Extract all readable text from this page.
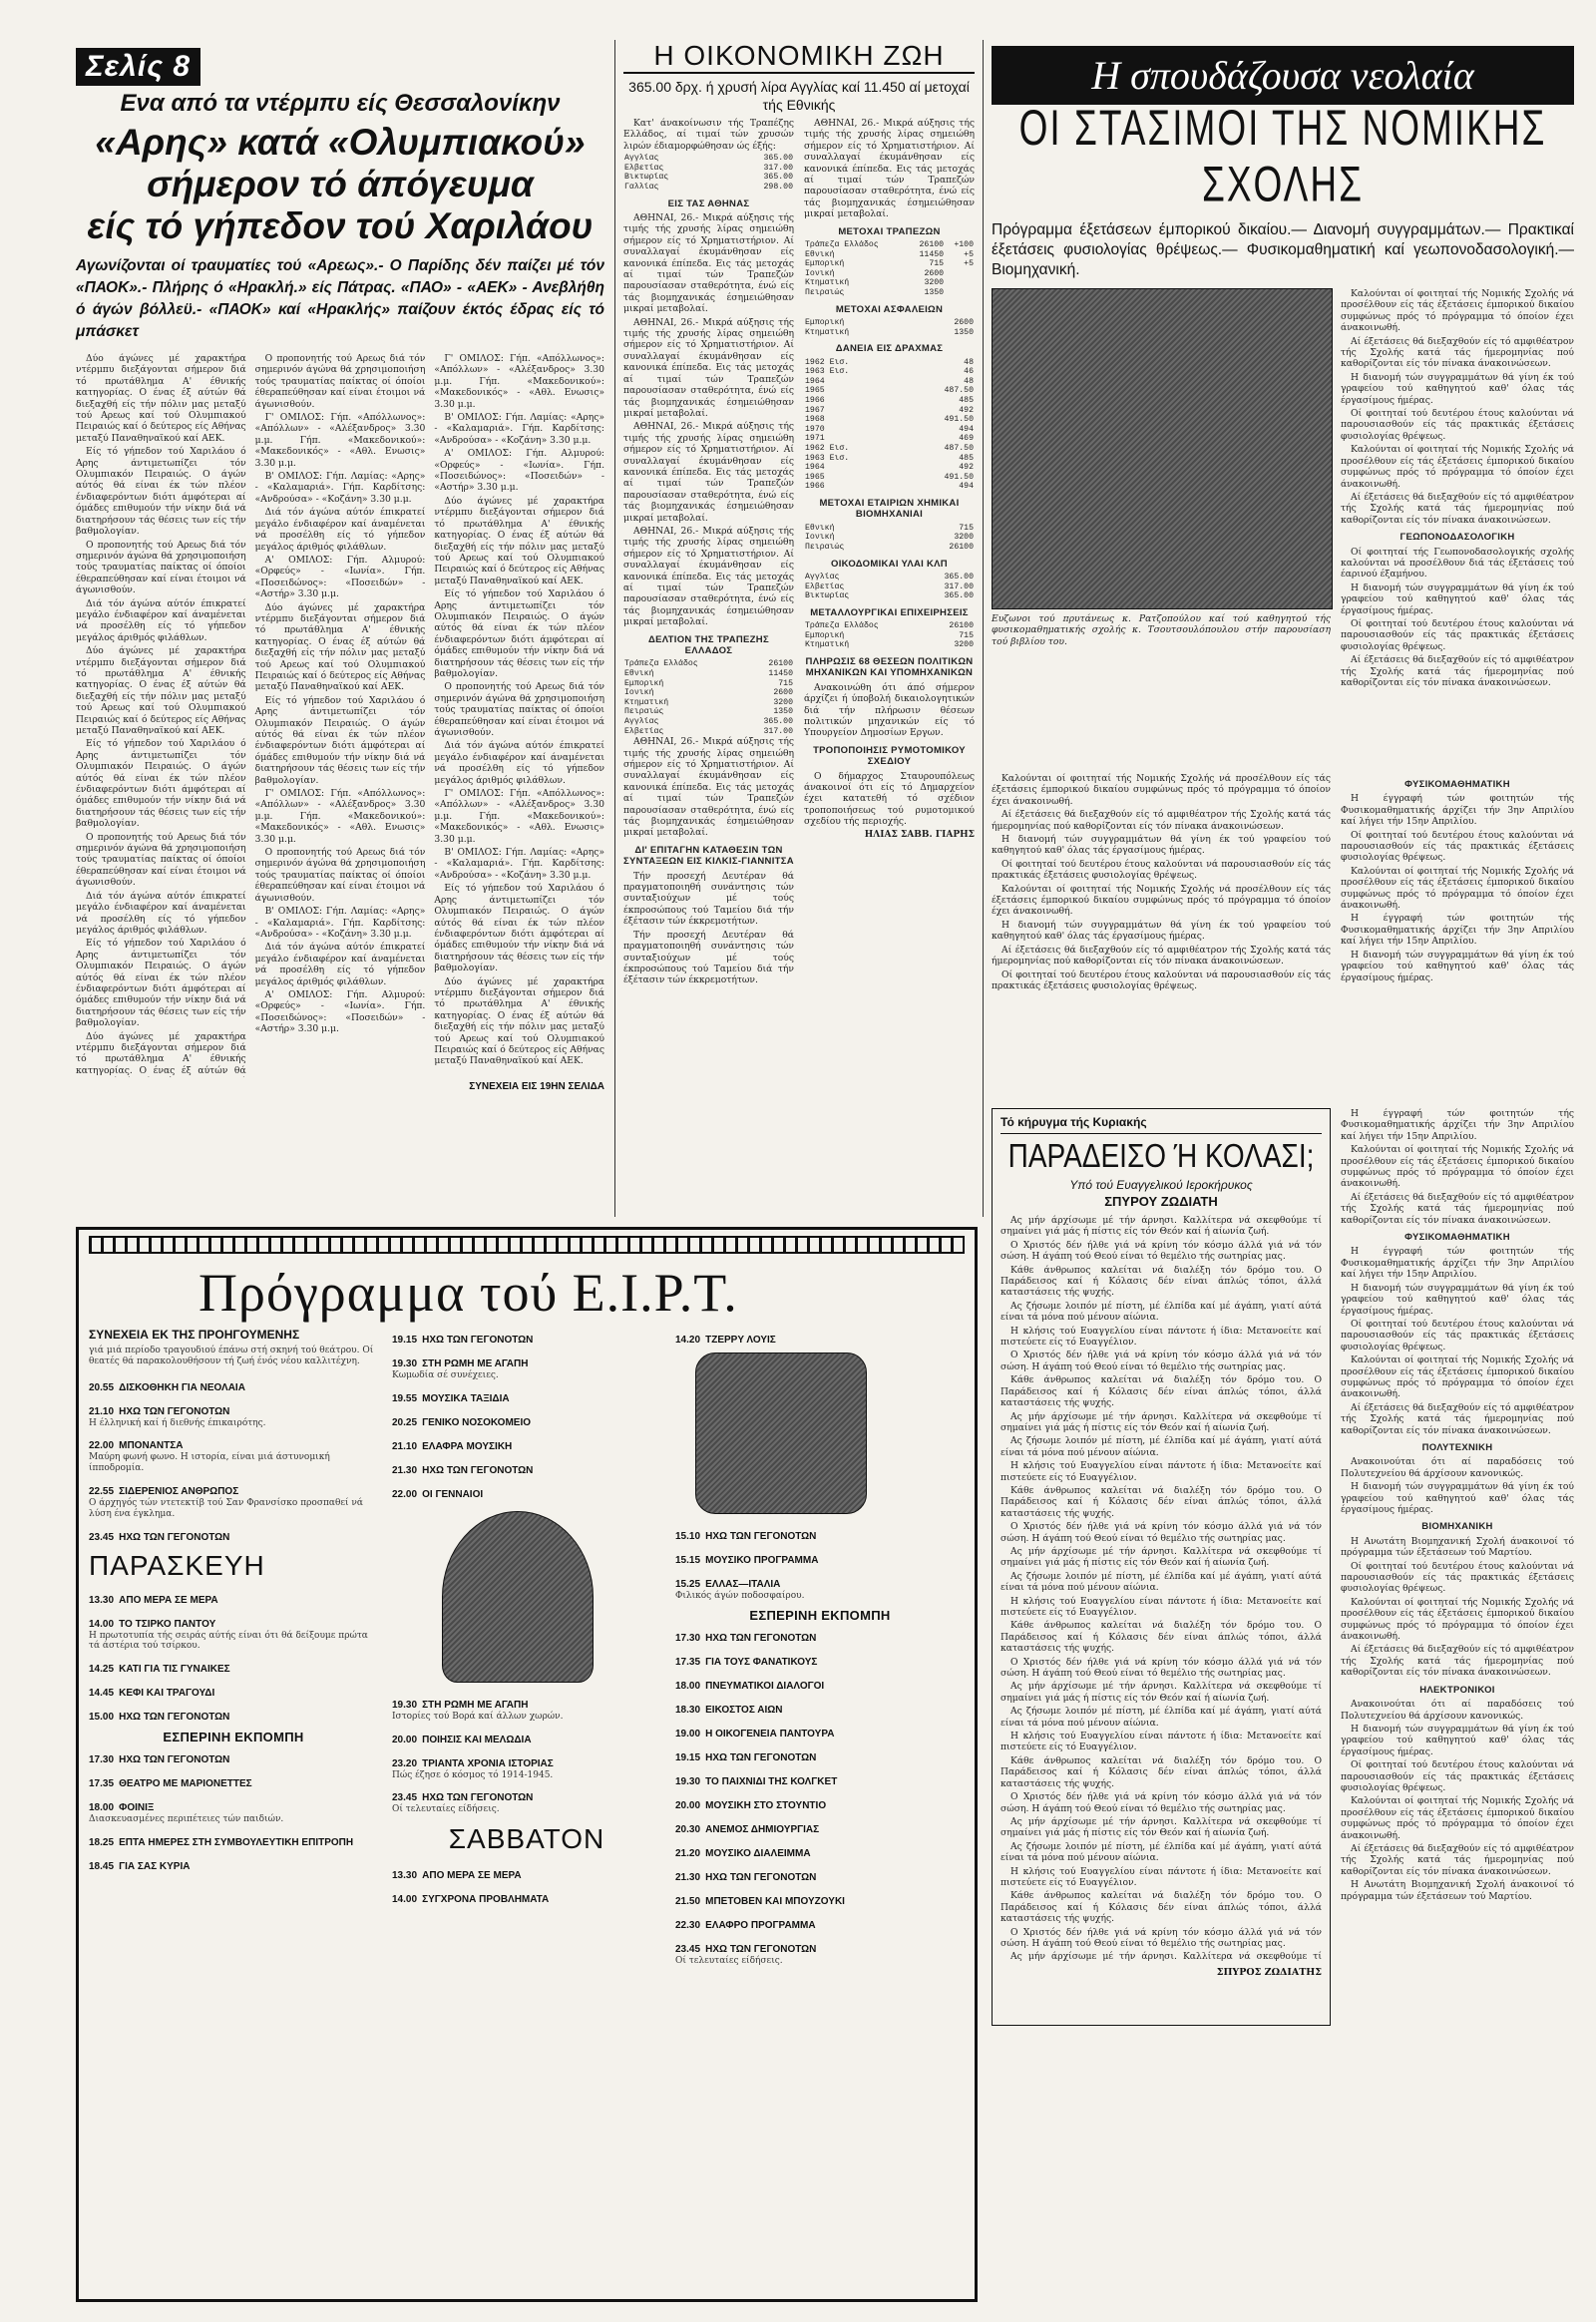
Σελίς 8
Ενα από τα ντέρμπυ είς Θεσσαλονίκην
«Αρης» κατά «Ολυμπιακού»
σήμερον τό άπόγευμα
είς τό γήπεδον τού Χαριλάου
Αγωνίζονται οί τραυματίες τού «Αρεως».- Ο Παρίδης δέν παίζει μέ τόν «ΠΑΟΚ».- Πλήρης ό «Ηρακλή.» είς Πάτρας. «ΠΑΟ» - «ΑΕΚ» - Ανεβλήθη ό άγών βόλλεϋ.- «ΠΑΟΚ» καί «Ηρακλής» παίζουν έκτός έδρας είς τό μπάσκετ

Δύο άγώνες μέ χαρακτήρα ντέρμπυ διεξάγονται σήμερον διά τό πρωτάθλημα Α' έθνικής κατηγορίας. Ο ένας έξ αύτών θά διεξαχθή είς τήν πόλιν μας μεταξύ τού Αρεως καί τού Ολυμπιακού Πειραιώς καί ό δεύτερος είς Αθήνας μεταξύ Παναθηναϊκού καί ΑΕΚ.

Είς τό γήπεδον τού Χαριλάου ό Αρης άντιμετωπίζει τόν Ολυμπιακόν Πειραιώς. Ο άγών αύτός θά είναι έκ τών πλέον ένδιαφερόντων διότι άμφότεραι αί όμάδες επιθυμούν τήν νίκην διά νά διατηρήσουν τάς θέσεις των είς τήν βαθμολογίαν.

Ο προπονητής τού Αρεως διά τόν σημερινόν άγώνα θά χρησιμοποιήση τούς τραυματίας παίκτας οί όποίοι έθεραπεύθησαν καί είναι έτοιμοι νά άγωνισθούν.

Διά τόν άγώνα αύτόν έπικρατεί μεγάλο ένδιαφέρον καί άναμένεται νά προσέλθη είς τό γήπεδον μεγάλος άριθμός φιλάθλων.

Δύο άγώνες μέ χαρακτήρα ντέρμπυ διεξάγονται σήμερον διά τό πρωτάθλημα Α' έθνικής κατηγορίας. Ο ένας έξ αύτών θά διεξαχθή είς τήν πόλιν μας μεταξύ τού Αρεως καί τού Ολυμπιακού Πειραιώς καί ό δεύτερος είς Αθήνας μεταξύ Παναθηναϊκού καί ΑΕΚ.

Είς τό γήπεδον τού Χαριλάου ό Αρης άντιμετωπίζει τόν Ολυμπιακόν Πειραιώς. Ο άγών αύτός θά είναι έκ τών πλέον ένδιαφερόντων διότι άμφότεραι αί όμάδες επιθυμούν τήν νίκην διά νά διατηρήσουν τάς θέσεις των είς τήν βαθμολογίαν.

Ο προπονητής τού Αρεως διά τόν σημερινόν άγώνα θά χρησιμοποιήση τούς τραυματίας παίκτας οί όποίοι έθεραπεύθησαν καί είναι έτοιμοι νά άγωνισθούν.

Διά τόν άγώνα αύτόν έπικρατεί μεγάλο ένδιαφέρον καί άναμένεται νά προσέλθη είς τό γήπεδον μεγάλος άριθμός φιλάθλων.

Είς τό γήπεδον τού Χαριλάου ό Αρης άντιμετωπίζει τόν Ολυμπιακόν Πειραιώς. Ο άγών αύτός θά είναι έκ τών πλέον ένδιαφερόντων διότι άμφότεραι αί όμάδες επιθυμούν τήν νίκην διά νά διατηρήσουν τάς θέσεις των είς τήν βαθμολογίαν.

Δύο άγώνες μέ χαρακτήρα ντέρμπυ διεξάγονται σήμερον διά τό πρωτάθλημα Α' έθνικής κατηγορίας. Ο ένας έξ αύτών θά

Ο προπονητής τού Αρεως διά τόν σημερινόν άγώνα θά χρησιμοποιήση τούς τραυματίας παίκτας οί όποίοι έθεραπεύθησαν καί είναι έτοιμοι νά άγωνισθούν.

Γ' ΟΜΙΛΟΣ: Γήπ. «Απόλλωνος»: «Απόλλων» - «Αλέξανδρος» 3.30 μ.μ. Γήπ. «Μακεδονικού»: «Μακεδονικός» - «Αθλ. Ενωσις» 3.30 μ.μ.

Β' ΟΜΙΛΟΣ: Γήπ. Λαμίας: «Αρης» - «Καλαμαριά». Γήπ. Καρδίτσης: «Ανδρούσα» - «Κοζάνη» 3.30 μ.μ.

Διά τόν άγώνα αύτόν έπικρατεί μεγάλο ένδιαφέρον καί άναμένεται νά προσέλθη είς τό γήπεδον μεγάλος άριθμός φιλάθλων.

Α' ΟΜΙΛΟΣ: Γήπ. Αλμυρού: «Ορφεύς» - «Ιωνία». Γήπ. «Ποσειδώνος»: «Ποσειδών» - «Αστήρ» 3.30 μ.μ.

Δύο άγώνες μέ χαρακτήρα ντέρμπυ διεξάγονται σήμερον διά τό πρωτάθλημα Α' έθνικής κατηγορίας. Ο ένας έξ αύτών θά διεξαχθή είς τήν πόλιν μας μεταξύ τού Αρεως καί τού Ολυμπιακού Πειραιώς καί ό δεύτερος είς Αθήνας μεταξύ Παναθηναϊκού καί ΑΕΚ.

Είς τό γήπεδον τού Χαριλάου ό Αρης άντιμετωπίζει τόν Ολυμπιακόν Πειραιώς. Ο άγών αύτός θά είναι έκ τών πλέον ένδιαφερόντων διότι άμφότεραι αί όμάδες επιθυμούν τήν νίκην διά νά διατηρήσουν τάς θέσεις των είς τήν βαθμολογίαν.

Γ' ΟΜΙΛΟΣ: Γήπ. «Απόλλωνος»: «Απόλλων» - «Αλέξανδρος» 3.30 μ.μ. Γήπ. «Μακεδονικού»: «Μακεδονικός» - «Αθλ. Ενωσις» 3.30 μ.μ.

Ο προπονητής τού Αρεως διά τόν σημερινόν άγώνα θά χρησιμοποιήση τούς τραυματίας παίκτας οί όποίοι έθεραπεύθησαν καί είναι έτοιμοι νά άγωνισθούν.

Β' ΟΜΙΛΟΣ: Γήπ. Λαμίας: «Αρης» - «Καλαμαριά». Γήπ. Καρδίτσης: «Ανδρούσα» - «Κοζάνη» 3.30 μ.μ.

Διά τόν άγώνα αύτόν έπικρατεί μεγάλο ένδιαφέρον καί άναμένεται νά προσέλθη είς τό γήπεδον μεγάλος άριθμός φιλάθλων.

Α' ΟΜΙΛΟΣ: Γήπ. Αλμυρού: «Ορφεύς» - «Ιωνία». Γήπ. «Ποσειδώνος»: «Ποσειδών» - «Αστήρ» 3.30 μ.μ.

Γ' ΟΜΙΛΟΣ: Γήπ. «Απόλλωνος»: «Απόλλων» - «Αλέξανδρος» 3.30 μ.μ. Γήπ. «Μακεδονικού»: «Μακεδονικός» - «Αθλ. Ενωσις» 3.30 μ.μ.

Β' ΟΜΙΛΟΣ: Γήπ. Λαμίας: «Αρης» - «Καλαμαριά». Γήπ. Καρδίτσης: «Ανδρούσα» - «Κοζάνη» 3.30 μ.μ.

Α' ΟΜΙΛΟΣ: Γήπ. Αλμυρού: «Ορφεύς» - «Ιωνία». Γήπ. «Ποσειδώνος»: «Ποσειδών» - «Αστήρ» 3.30 μ.μ.

Δύο άγώνες μέ χαρακτήρα ντέρμπυ διεξάγονται σήμερον διά τό πρωτάθλημα Α' έθνικής κατηγορίας. Ο ένας έξ αύτών θά διεξαχθή είς τήν πόλιν μας μεταξύ τού Αρεως καί τού Ολυμπιακού Πειραιώς καί ό δεύτερος είς Αθήνας μεταξύ Παναθηναϊκού καί ΑΕΚ.

Είς τό γήπεδον τού Χαριλάου ό Αρης άντιμετωπίζει τόν Ολυμπιακόν Πειραιώς. Ο άγών αύτός θά είναι έκ τών πλέον ένδιαφερόντων διότι άμφότεραι αί όμάδες επιθυμούν τήν νίκην διά νά διατηρήσουν τάς θέσεις των είς τήν βαθμολογίαν.

Ο προπονητής τού Αρεως διά τόν σημερινόν άγώνα θά χρησιμοποιήση τούς τραυματίας παίκτας οί όποίοι έθεραπεύθησαν καί είναι έτοιμοι νά άγωνισθούν.

Διά τόν άγώνα αύτόν έπικρατεί μεγάλο ένδιαφέρον καί άναμένεται νά προσέλθη είς τό γήπεδον μεγάλος άριθμός φιλάθλων.

Γ' ΟΜΙΛΟΣ: Γήπ. «Απόλλωνος»: «Απόλλων» - «Αλέξανδρος» 3.30 μ.μ. Γήπ. «Μακεδονικού»: «Μακεδονικός» - «Αθλ. Ενωσις» 3.30 μ.μ.

Β' ΟΜΙΛΟΣ: Γήπ. Λαμίας: «Αρης» - «Καλαμαριά». Γήπ. Καρδίτσης: «Ανδρούσα» - «Κοζάνη» 3.30 μ.μ.

Είς τό γήπεδον τού Χαριλάου ό Αρης άντιμετωπίζει τόν Ολυμπιακόν Πειραιώς. Ο άγών αύτός θά είναι έκ τών πλέον ένδιαφερόντων διότι άμφότεραι αί όμάδες επιθυμούν τήν νίκην διά νά διατηρήσουν τάς θέσεις των είς τήν βαθμολογίαν.

Δύο άγώνες μέ χαρακτήρα ντέρμπυ διεξάγονται σήμερον διά τό πρωτάθλημα Α' έθνικής κατηγορίας. Ο ένας έξ αύτών θά διεξαχθή είς τήν πόλιν μας μεταξύ τού Αρεως καί τού Ολυμπιακού Πειραιώς καί ό δεύτερος είς Αθήνας μεταξύ Παναθηναϊκού καί ΑΕΚ.

ΣΥΝΕΧΕΙΑ ΕΙΣ 19ΗΝ ΣΕΛΙΔΑ
Η ΟΙΚΟΝΟΜΙΚΗ ΖΩΗ
365.00 δρχ. ή χρυσή λίρα Αγγλίας καί 11.450 αί μετοχαί τής Εθνικής

Κατ' άνακοίνωσιν τής Τραπέζης Ελλάδος, αί τιμαί τών χρυσών λιρών έδιαμορφώθησαν ώς έξής:

Αγγλίας	365.00
Ελβετίας	317.00
Βικτωρίας	365.00
Γαλλίας	298.00
ΕΙΣ ΤΑΣ ΑΘΗΝΑΣ

ΑΘΗΝΑΙ, 26.- Μικρά αύξησις τής τιμής τής χρυσής λίρας σημειώθη σήμερον είς τό Χρηματιστήριον. Αί συναλλαγαί έκυμάνθησαν είς κανονικά έπίπεδα. Εις τάς μετοχάς αί τιμαί τών Τραπεζών παρουσίασαν σταθερότητα, ένώ είς τάς βιομηχανικάς έσημειώθησαν μικραί μεταβολαί.

ΑΘΗΝΑΙ, 26.- Μικρά αύξησις τής τιμής τής χρυσής λίρας σημειώθη σήμερον είς τό Χρηματιστήριον. Αί συναλλαγαί έκυμάνθησαν είς κανονικά έπίπεδα. Εις τάς μετοχάς αί τιμαί τών Τραπεζών παρουσίασαν σταθερότητα, ένώ είς τάς βιομηχανικάς έσημειώθησαν μικραί μεταβολαί.

ΑΘΗΝΑΙ, 26.- Μικρά αύξησις τής τιμής τής χρυσής λίρας σημειώθη σήμερον είς τό Χρηματιστήριον. Αί συναλλαγαί έκυμάνθησαν είς κανονικά έπίπεδα. Εις τάς μετοχάς αί τιμαί τών Τραπεζών παρουσίασαν σταθερότητα, ένώ είς τάς βιομηχανικάς έσημειώθησαν μικραί μεταβολαί.

ΑΘΗΝΑΙ, 26.- Μικρά αύξησις τής τιμής τής χρυσής λίρας σημειώθη σήμερον είς τό Χρηματιστήριον. Αί συναλλαγαί έκυμάνθησαν είς κανονικά έπίπεδα. Εις τάς μετοχάς αί τιμαί τών Τραπεζών παρουσίασαν σταθερότητα, ένώ είς τάς βιομηχανικάς έσημειώθησαν μικραί μεταβολαί.

ΔΕΛΤΙΟΝ ΤΗΣ ΤΡΑΠΕΖΗΣ ΕΛΛΑΔΟΣ
Τράπεζα Ελλάδος	26100
Εθνική	11450
Εμπορική	715
Ιονική	2600
Κτηματική	3200
Πειραιώς	1350
Αγγλίας	365.00
Ελβετίας	317.00

ΑΘΗΝΑΙ, 26.- Μικρά αύξησις τής τιμής τής χρυσής λίρας σημειώθη σήμερον είς τό Χρηματιστήριον. Αί συναλλαγαί έκυμάνθησαν είς κανονικά έπίπεδα. Εις τάς μετοχάς αί τιμαί τών Τραπεζών παρουσίασαν σταθερότητα, ένώ είς τάς βιομηχανικάς έσημειώθησαν μικραί μεταβολαί.

ΔΙ' ΕΠΙΤΑΓΗΝ ΚΑΤΑΘΕΣΙΝ ΤΩΝ ΣΥΝΤΑΞΕΩΝ ΕΙΣ ΚΙΛΚΙΣ-ΓΙΑΝΝΙΤΣΑ

Τήν προσεχή Δευτέραν θά πραγματοποιηθή συνάντησις τών συνταξιούχων μέ τούς έκπροσώπους τού Ταμείου διά τήν έξέτασιν τών έκκρεμοτήτων.

Τήν προσεχή Δευτέραν θά πραγματοποιηθή συνάντησις τών συνταξιούχων μέ τούς έκπροσώπους τού Ταμείου διά τήν έξέτασιν τών έκκρεμοτήτων.

ΑΘΗΝΑΙ, 26.- Μικρά αύξησις τής τιμής τής χρυσής λίρας σημειώθη σήμερον είς τό Χρηματιστήριον. Αί συναλλαγαί έκυμάνθησαν είς κανονικά έπίπεδα. Εις τάς μετοχάς αί τιμαί τών Τραπεζών παρουσίασαν σταθερότητα, ένώ είς τάς βιομηχανικάς έσημειώθησαν μικραί μεταβολαί.

ΜΕΤΟΧΑΙ ΤΡΑΠΕΖΩΝ
Τράπεζα Ελλάδος	26100	+100
Εθνική	11450	+5
Εμπορική	715	+5
Ιονική	2600	
Κτηματική	3200	
Πειραιώς	1350	
ΜΕΤΟΧΑΙ ΑΣΦΑΛΕΙΩΝ
Εμπορική	2600
Κτηματική	1350
ΔΑΝΕΙΑ ΕΙΣ ΔΡΑΧΜΑΣ
1962 Εισ.	48
1963 Εισ.	46
1964	48
1965	487.50
1966	485
1967	492
1968	491.50
1970	494
1971	469
1962 Εισ.	487.50
1963 Εισ.	485
1964	492
1965	491.50
1966	494
ΜΕΤΟΧΑΙ ΕΤΑΙΡΙΩΝ ΧΗΜΙΚΑΙ ΒΙΟΜΗΧΑΝΙΑΙ
Εθνική	715
Ιονική	3200
Πειραιώς	26100
ΟΙΚΟΔΟΜΙΚΑΙ ΥΛΑΙ ΚΛΠ
Αγγλίας	365.00
Ελβετίας	317.00
Βικτωρίας	365.00
ΜΕΤΑΛΛΟΥΡΓΙΚΑΙ ΕΠΙΧΕΙΡΗΣΕΙΣ
Τράπεζα Ελλάδος	26100
Εμπορική	715
Κτηματική	3200
ΠΛΗΡΩΣΙΣ 68 ΘΕΣΕΩΝ ΠΟΛΙΤΙΚΩΝ ΜΗΧΑΝΙΚΩΝ ΚΑΙ ΥΠΟΜΗΧΑΝΙΚΩΝ

Ανακοινώθη ότι άπό σήμερον άρχίζει ή ύποβολή δικαιολογητικών διά τήν πλήρωσιν θέσεων πολιτικών μηχανικών είς τό Υπουργείον Δημοσίων Εργων.

ΤΡΟΠΟΠΟΙΗΣΙΣ ΡΥΜΟΤΟΜΙΚΟΥ ΣΧΕΔΙΟΥ

Ο δήμαρχος Σταυρουπόλεως άνακοινοί ότι είς τό Δημαρχείον έχει κατατεθή τό σχέδιον τροποποιήσεως τού ρυμοτομικού σχεδίου τής περιοχής.

ΗΛΙΑΣ ΣΑΒΒ. ΓΙΑΡΗΣ
Η σπουδάζουσα νεολαία
ΟΙ ΣΤΑΣΙΜΟΙ ΤΗΣ ΝΟΜΙΚΗΣ ΣΧΟΛΗΣ
Πρόγραμμα έξετάσεων έμπορικού δικαίου.— Διανομή συγγραμμάτων.— Πρακτικαί έξετάσεις φυσιολογίας θρέψεως.— Φυσικομαθηματική καί γεωπονοδασολογική.— Βιομηχανική.
Ευζωνοι τού πρυτάνεως κ. Ρατζοπούλου καί τού καθηγητού τής φυσικομαθηματικής σχολής κ. Τσουτσουλόπουλου στήν παρουσίαση τού βιβλίου του.

Καλούνται οί φοιτηταί τής Νομικής Σχολής νά προσέλθουν είς τάς έξετάσεις έμπορικού δικαίου συμφώνως πρός τό πρόγραμμα τό όποίον έχει άνακοινωθή.

Αί έξετάσεις θά διεξαχθούν είς τό αμφιθέατρον τής Σχολής κατά τάς ήμερομηνίας πού καθορίζονται είς τόν πίνακα άνακοινώσεων.

Η διανομή τών συγγραμμάτων θά γίνη έκ τού γραφείου τού καθηγητού καθ' όλας τάς έργασίμους ήμέρας.

Οί φοιτηταί τού δευτέρου έτους καλούνται νά παρουσιασθούν είς τάς πρακτικάς έξετάσεις φυσιολογίας θρέψεως.

Καλούνται οί φοιτηταί τής Νομικής Σχολής νά προσέλθουν είς τάς έξετάσεις έμπορικού δικαίου συμφώνως πρός τό πρόγραμμα τό όποίον έχει άνακοινωθή.

Αί έξετάσεις θά διεξαχθούν είς τό αμφιθέατρον τής Σχολής κατά τάς ήμερομηνίας πού καθορίζονται είς τόν πίνακα άνακοινώσεων.

ΓΕΩΠΟΝΟΔΑΣΟΛΟΓΙΚΗ

Οί φοιτηταί τής Γεωπονοδασολογικής σχολής καλούνται νά προσέλθουν διά τάς έξετάσεις τού έαρινού έξαμήνου.

Η διανομή τών συγγραμμάτων θά γίνη έκ τού γραφείου τού καθηγητού καθ' όλας τάς έργασίμους ήμέρας.

Οί φοιτηταί τού δευτέρου έτους καλούνται νά παρουσιασθούν είς τάς πρακτικάς έξετάσεις φυσιολογίας θρέψεως.

Αί έξετάσεις θά διεξαχθούν είς τό αμφιθέατρον τής Σχολής κατά τάς ήμερομηνίας πού καθορίζονται είς τόν πίνακα άνακοινώσεων.

Καλούνται οί φοιτηταί τής Νομικής Σχολής νά προσέλθουν είς τάς έξετάσεις έμπορικού δικαίου συμφώνως πρός τό πρόγραμμα τό όποίον έχει άνακοινωθή.

Αί έξετάσεις θά διεξαχθούν είς τό αμφιθέατρον τής Σχολής κατά τάς ήμερομηνίας πού καθορίζονται είς τόν πίνακα άνακοινώσεων.

Η διανομή τών συγγραμμάτων θά γίνη έκ τού γραφείου τού καθηγητού καθ' όλας τάς έργασίμους ήμέρας.

Οί φοιτηταί τού δευτέρου έτους καλούνται νά παρουσιασθούν είς τάς πρακτικάς έξετάσεις φυσιολογίας θρέψεως.

Καλούνται οί φοιτηταί τής Νομικής Σχολής νά προσέλθουν είς τάς έξετάσεις έμπορικού δικαίου συμφώνως πρός τό πρόγραμμα τό όποίον έχει άνακοινωθή.

Η διανομή τών συγγραμμάτων θά γίνη έκ τού γραφείου τού καθηγητού καθ' όλας τάς έργασίμους ήμέρας.

Αί έξετάσεις θά διεξαχθούν είς τό αμφιθέατρον τής Σχολής κατά τάς ήμερομηνίας πού καθορίζονται είς τόν πίνακα άνακοινώσεων.

Οί φοιτηταί τού δευτέρου έτους καλούνται νά παρουσιασθούν είς τάς πρακτικάς έξετάσεις φυσιολογίας θρέψεως.

ΦΥΣΙΚΟΜΑΘΗΜΑΤΙΚΗ

Η έγγραφή τών φοιτητών τής Φυσικομαθηματικής άρχίζει τήν 3ην Απριλίου καί λήγει τήν 15ην Απριλίου.

Οί φοιτηταί τού δευτέρου έτους καλούνται νά παρουσιασθούν είς τάς πρακτικάς έξετάσεις φυσιολογίας θρέψεως.

Καλούνται οί φοιτηταί τής Νομικής Σχολής νά προσέλθουν είς τάς έξετάσεις έμπορικού δικαίου συμφώνως πρός τό πρόγραμμα τό όποίον έχει άνακοινωθή.

Η έγγραφή τών φοιτητών τής Φυσικομαθηματικής άρχίζει τήν 3ην Απριλίου καί λήγει τήν 15ην Απριλίου.

Η διανομή τών συγγραμμάτων θά γίνη έκ τού γραφείου τού καθηγητού καθ' όλας τάς έργασίμους ήμέρας.

Τό κήρυγμα τής Κυριακής
ΠΑΡΑΔΕΙΣΟ Ή ΚΟΛΑΣΙ;
Υπό τού Ευαγγελικού Ιεροκήρυκος
ΣΠΥΡΟΥ ΖΩΔΙΑΤΗ

Ας μήν άρχίσωμε μέ τήν άρνησι. Καλλίτερα νά σκεφθούμε τί σημαίνει γιά μάς ή πίστις είς τόν Θεόν καί ή αίωνία ζωή.

Ο Χριστός δέν ήλθε γιά νά κρίνη τόν κόσμο άλλά γιά νά τόν σώση. Η άγάπη τού Θεού είναι τό θεμέλιο τής σωτηρίας μας.

Κάθε άνθρωπος καλείται νά διαλέξη τόν δρόμο του. Ο Παράδεισος καί ή Κόλασις δέν είναι άπλώς τόποι, άλλά καταστάσεις τής ψυχής.

Ας ζήσωμε λοιπόν μέ πίστη, μέ έλπίδα καί μέ άγάπη, γιατί αύτά είναι τά μόνα πού μένουν αίώνια.

Η κλήσις τού Ευαγγελίου είναι πάντοτε ή ίδια: Μετανοείτε καί πιστεύετε είς τό Ευαγγέλιον.

Ο Χριστός δέν ήλθε γιά νά κρίνη τόν κόσμο άλλά γιά νά τόν σώση. Η άγάπη τού Θεού είναι τό θεμέλιο τής σωτηρίας μας.

Κάθε άνθρωπος καλείται νά διαλέξη τόν δρόμο του. Ο Παράδεισος καί ή Κόλασις δέν είναι άπλώς τόποι, άλλά καταστάσεις τής ψυχής.

Ας μήν άρχίσωμε μέ τήν άρνησι. Καλλίτερα νά σκεφθούμε τί σημαίνει γιά μάς ή πίστις είς τόν Θεόν καί ή αίωνία ζωή.

Ας ζήσωμε λοιπόν μέ πίστη, μέ έλπίδα καί μέ άγάπη, γιατί αύτά είναι τά μόνα πού μένουν αίώνια.

Η κλήσις τού Ευαγγελίου είναι πάντοτε ή ίδια: Μετανοείτε καί πιστεύετε είς τό Ευαγγέλιον.

Κάθε άνθρωπος καλείται νά διαλέξη τόν δρόμο του. Ο Παράδεισος καί ή Κόλασις δέν είναι άπλώς τόποι, άλλά καταστάσεις τής ψυχής.

Ο Χριστός δέν ήλθε γιά νά κρίνη τόν κόσμο άλλά γιά νά τόν σώση. Η άγάπη τού Θεού είναι τό θεμέλιο τής σωτηρίας μας.

Ας μήν άρχίσωμε μέ τήν άρνησι. Καλλίτερα νά σκεφθούμε τί σημαίνει γιά μάς ή πίστις είς τόν Θεόν καί ή αίωνία ζωή.

Ας ζήσωμε λοιπόν μέ πίστη, μέ έλπίδα καί μέ άγάπη, γιατί αύτά είναι τά μόνα πού μένουν αίώνια.

Η κλήσις τού Ευαγγελίου είναι πάντοτε ή ίδια: Μετανοείτε καί πιστεύετε είς τό Ευαγγέλιον.

Κάθε άνθρωπος καλείται νά διαλέξη τόν δρόμο του. Ο Παράδεισος καί ή Κόλασις δέν είναι άπλώς τόποι, άλλά καταστάσεις τής ψυχής.

Ο Χριστός δέν ήλθε γιά νά κρίνη τόν κόσμο άλλά γιά νά τόν σώση. Η άγάπη τού Θεού είναι τό θεμέλιο τής σωτηρίας μας.

Ας μήν άρχίσωμε μέ τήν άρνησι. Καλλίτερα νά σκεφθούμε τί σημαίνει γιά μάς ή πίστις είς τόν Θεόν καί ή αίωνία ζωή.

Ας ζήσωμε λοιπόν μέ πίστη, μέ έλπίδα καί μέ άγάπη, γιατί αύτά είναι τά μόνα πού μένουν αίώνια.

Η κλήσις τού Ευαγγελίου είναι πάντοτε ή ίδια: Μετανοείτε καί πιστεύετε είς τό Ευαγγέλιον.

Κάθε άνθρωπος καλείται νά διαλέξη τόν δρόμο του. Ο Παράδεισος καί ή Κόλασις δέν είναι άπλώς τόποι, άλλά καταστάσεις τής ψυχής.

Ο Χριστός δέν ήλθε γιά νά κρίνη τόν κόσμο άλλά γιά νά τόν σώση. Η άγάπη τού Θεού είναι τό θεμέλιο τής σωτηρίας μας.

Ας μήν άρχίσωμε μέ τήν άρνησι. Καλλίτερα νά σκεφθούμε τί σημαίνει γιά μάς ή πίστις είς τόν Θεόν καί ή αίωνία ζωή.

Ας ζήσωμε λοιπόν μέ πίστη, μέ έλπίδα καί μέ άγάπη, γιατί αύτά είναι τά μόνα πού μένουν αίώνια.

Η κλήσις τού Ευαγγελίου είναι πάντοτε ή ίδια: Μετανοείτε καί πιστεύετε είς τό Ευαγγέλιον.

Κάθε άνθρωπος καλείται νά διαλέξη τόν δρόμο του. Ο Παράδεισος καί ή Κόλασις δέν είναι άπλώς τόποι, άλλά καταστάσεις τής ψυχής.

Ο Χριστός δέν ήλθε γιά νά κρίνη τόν κόσμο άλλά γιά νά τόν σώση. Η άγάπη τού Θεού είναι τό θεμέλιο τής σωτηρίας μας.

Ας μήν άρχίσωμε μέ τήν άρνησι. Καλλίτερα νά σκεφθούμε τί

ΣΠΥΡΟΣ ΖΩΔΙΑΤΗΣ

Η έγγραφή τών φοιτητών τής Φυσικομαθηματικής άρχίζει τήν 3ην Απριλίου καί λήγει τήν 15ην Απριλίου.

Καλούνται οί φοιτηταί τής Νομικής Σχολής νά προσέλθουν είς τάς έξετάσεις έμπορικού δικαίου συμφώνως πρός τό πρόγραμμα τό όποίον έχει άνακοινωθή.

Αί έξετάσεις θά διεξαχθούν είς τό αμφιθέατρον τής Σχολής κατά τάς ήμερομηνίας πού καθορίζονται είς τόν πίνακα άνακοινώσεων.

ΦΥΣΙΚΟΜΑΘΗΜΑΤΙΚΗ

Η έγγραφή τών φοιτητών τής Φυσικομαθηματικής άρχίζει τήν 3ην Απριλίου καί λήγει τήν 15ην Απριλίου.

Η διανομή τών συγγραμμάτων θά γίνη έκ τού γραφείου τού καθηγητού καθ' όλας τάς έργασίμους ήμέρας.

Οί φοιτηταί τού δευτέρου έτους καλούνται νά παρουσιασθούν είς τάς πρακτικάς έξετάσεις φυσιολογίας θρέψεως.

Καλούνται οί φοιτηταί τής Νομικής Σχολής νά προσέλθουν είς τάς έξετάσεις έμπορικού δικαίου συμφώνως πρός τό πρόγραμμα τό όποίον έχει άνακοινωθή.

Αί έξετάσεις θά διεξαχθούν είς τό αμφιθέατρον τής Σχολής κατά τάς ήμερομηνίας πού καθορίζονται είς τόν πίνακα άνακοινώσεων.

ΠΟΛΥΤΕΧΝΙΚΗ

Ανακοινούται ότι αί παραδόσεις τού Πολυτεχνείου θά άρχίσουν κανονικώς.

Η διανομή τών συγγραμμάτων θά γίνη έκ τού γραφείου τού καθηγητού καθ' όλας τάς έργασίμους ήμέρας.

ΒΙΟΜΗΧΑΝΙΚΗ

Η Ανωτάτη Βιομηχανική Σχολή άνακοινοί τό πρόγραμμα τών έξετάσεων τού Μαρτίου.

Οί φοιτηταί τού δευτέρου έτους καλούνται νά παρουσιασθούν είς τάς πρακτικάς έξετάσεις φυσιολογίας θρέψεως.

Καλούνται οί φοιτηταί τής Νομικής Σχολής νά προσέλθουν είς τάς έξετάσεις έμπορικού δικαίου συμφώνως πρός τό πρόγραμμα τό όποίον έχει άνακοινωθή.

Αί έξετάσεις θά διεξαχθούν είς τό αμφιθέατρον τής Σχολής κατά τάς ήμερομηνίας πού καθορίζονται είς τόν πίνακα άνακοινώσεων.

ΗΛΕΚΤΡΟΝΙΚΟΙ

Ανακοινούται ότι αί παραδόσεις τού Πολυτεχνείου θά άρχίσουν κανονικώς.

Η διανομή τών συγγραμμάτων θά γίνη έκ τού γραφείου τού καθηγητού καθ' όλας τάς έργασίμους ήμέρας.

Οί φοιτηταί τού δευτέρου έτους καλούνται νά παρουσιασθούν είς τάς πρακτικάς έξετάσεις φυσιολογίας θρέψεως.

Καλούνται οί φοιτηταί τής Νομικής Σχολής νά προσέλθουν είς τάς έξετάσεις έμπορικού δικαίου συμφώνως πρός τό πρόγραμμα τό όποίον έχει άνακοινωθή.

Αί έξετάσεις θά διεξαχθούν είς τό αμφιθέατρον τής Σχολής κατά τάς ήμερομηνίας πού καθορίζονται είς τόν πίνακα άνακοινώσεων.

Η Ανωτάτη Βιομηχανική Σχολή άνακοινοί τό πρόγραμμα τών έξετάσεων τού Μαρτίου.

Πρόγραμμα τού Ε.Ι.Ρ.Τ.
ΣΥΝΕΧΕΙΑ ΕΚ ΤΗΣ ΠΡΟΗΓΟΥΜΕΝΗΣ
γιά μιά περίοδο τραγουδιού έπάνω στή σκηνή τού θεάτρου. Οί θεατές θά παρακολουθήσουν τή ζωή ένός νέου καλλιτέχνη.
20.55 ΔΙΣΚΟΘΗΚΗ ΓΙΑ ΝΕΟΛΑΙΑ
21.10 ΗΧΩ ΤΩΝ ΓΕΓΟΝΟΤΩΝ
Η έλληνική καί ή διεθνής έπικαιρότης.
22.00 ΜΠΟΝΑΝΤΣΑ
Μαύρη φωνή φωνο. Η ιστορία, είναι μιά άστυνομική ίπποδρομία.
22.55 ΣΙΔΕΡΕΝΙΟΣ ΑΝΘΡΩΠΟΣ
Ο άρχηγός τών ντετεκτίβ τού Σαν Φρανσίσκο προσπαθεί νά λύση ένα έγκλημα.
23.45 ΗΧΩ ΤΩΝ ΓΕΓΟΝΟΤΩΝ
ΠΑΡΑΣΚΕΥΗ
13.30 ΑΠΟ ΜΕΡΑ ΣΕ ΜΕΡΑ
14.00 ΤΟ ΤΣΙΡΚΟ ΠΑΝΤΟΥ
Η πρωτοτυπία τής σειράς αύτής είναι ότι θά δείξουμε πρώτα τά άστέρια τού τσίρκου.
14.25 ΚΑΤΙ ΓΙΑ ΤΙΣ ΓΥΝΑΙΚΕΣ
14.45 ΚΕΦΙ ΚΑΙ ΤΡΑΓΟΥΔΙ
15.00 ΗΧΩ ΤΩΝ ΓΕΓΟΝΟΤΩΝ
ΕΣΠΕΡΙΝΗ ΕΚΠΟΜΠΗ
17.30 ΗΧΩ ΤΩΝ ΓΕΓΟΝΟΤΩΝ
17.35 ΘΕΑΤΡΟ ΜΕ ΜΑΡΙΟΝΕΤΤΕΣ
18.00 ΦΟΙΝΙΞ
Διασκευασμένες περιπέτειες τών παιδιών.
18.25 ΕΠΤΑ ΗΜΕΡΕΣ ΣΤΗ ΣΥΜΒΟΥΛΕΥΤΙΚΗ ΕΠΙΤΡΟΠΗ
18.45 ΓΙΑ ΣΑΣ ΚΥΡΙΑ
19.15 ΗΧΩ ΤΩΝ ΓΕΓΟΝΟΤΩΝ
19.30 ΣΤΗ ΡΩΜΗ ΜΕ ΑΓΑΠΗ
Κωμωδία σέ συνέχειες.
19.55 ΜΟΥΣΙΚΑ ΤΑΞΙΔΙΑ
20.25 ΓΕΝΙΚΟ ΝΟΣΟΚΟΜΕΙΟ
21.10 ΕΛΑΦΡΑ ΜΟΥΣΙΚΗ
21.30 ΗΧΩ ΤΩΝ ΓΕΓΟΝΟΤΩΝ
22.00 ΟΙ ΓΕΝΝΑΙΟΙ
19.30 ΣΤΗ ΡΩΜΗ ΜΕ ΑΓΑΠΗ
Ιστορίες τού Βορά καί άλλων χωρών.
20.00 ΠΟΙΗΣΙΣ ΚΑΙ ΜΕΛΩΔΙΑ
23.20 ΤΡΙΑΝΤΑ ΧΡΟΝΙΑ ΙΣΤΟΡΙΑΣ
Πώς έζησε ό κόσμος τό 1914-1945.
23.45 ΗΧΩ ΤΩΝ ΓΕΓΟΝΟΤΩΝ
Οί τελευταίες είδήσεις.
ΣΑΒΒΑΤΟΝ
13.30 ΑΠΟ ΜΕΡΑ ΣΕ ΜΕΡΑ
14.00 ΣΥΓΧΡΟΝΑ ΠΡΟΒΛΗΜΑΤΑ
14.20 ΤΖΕΡΡΥ ΛΟΥΙΣ
15.10 ΗΧΩ ΤΩΝ ΓΕΓΟΝΟΤΩΝ
15.15 ΜΟΥΣΙΚΟ ΠΡΟΓΡΑΜΜΑ
15.25 ΕΛΛΑΣ—ΙΤΑΛΙΑ
Φιλικός άγών ποδοσφαίρου.
ΕΣΠΕΡΙΝΗ ΕΚΠΟΜΠΗ
17.30 ΗΧΩ ΤΩΝ ΓΕΓΟΝΟΤΩΝ
17.35 ΓΙΑ ΤΟΥΣ ΦΑΝΑΤΙΚΟΥΣ
18.00 ΠΝΕΥΜΑΤΙΚΟΙ ΔΙΑΛΟΓΟΙ
18.30 ΕΙΚΟΣΤΟΣ ΑΙΩΝ
19.00 Η ΟΙΚΟΓΕΝΕΙΑ ΠΑΝΤΟΥΡΑ
19.15 ΗΧΩ ΤΩΝ ΓΕΓΟΝΟΤΩΝ
19.30 ΤΟ ΠΑΙΧΝΙΔΙ ΤΗΣ ΚΟΛΓΚΕΤ
20.00 ΜΟΥΣΙΚΗ ΣΤΟ ΣΤΟΥΝΤΙΟ
20.30 ΑΝΕΜΟΣ ΔΗΜΙΟΥΡΓΙΑΣ
21.20 ΜΟΥΣΙΚΟ ΔΙΑΛΕΙΜΜΑ
21.30 ΗΧΩ ΤΩΝ ΓΕΓΟΝΟΤΩΝ
21.50 ΜΠΕΤΟΒΕΝ ΚΑΙ ΜΠΟΥΖΟΥΚΙ
22.30 ΕΛΑΦΡΟ ΠΡΟΓΡΑΜΜΑ
23.45 ΗΧΩ ΤΩΝ ΓΕΓΟΝΟΤΩΝ
Οί τελευταίες είδήσεις.
